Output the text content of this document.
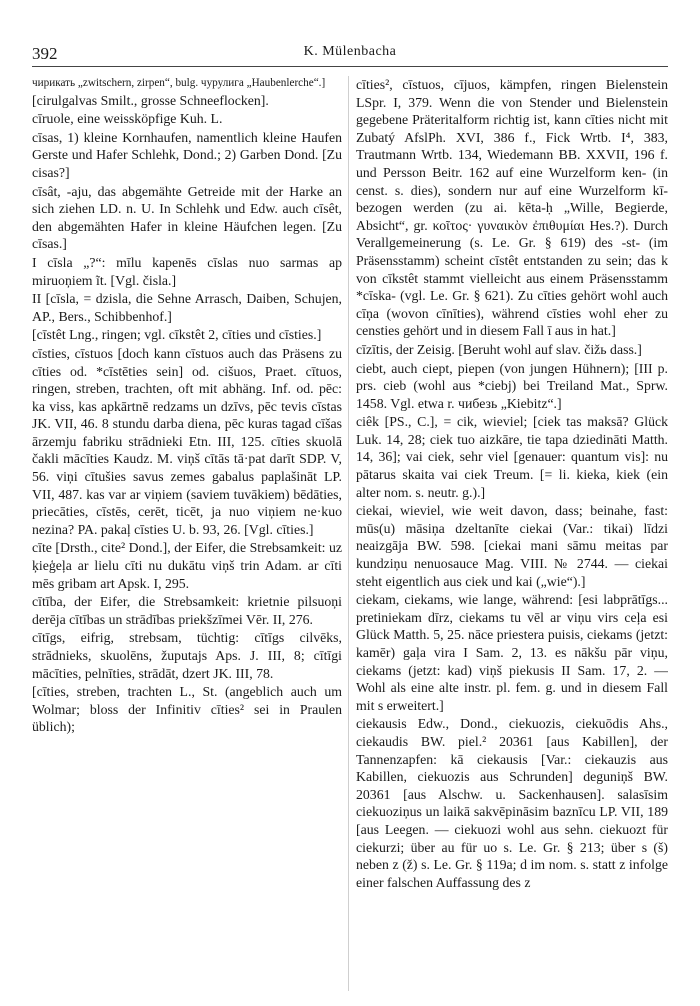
392	K. Mülenbacha

чирикать „zwitschern, zirpen“, bulg. чурулига „Haubenlerche“.]

[cirulgalvas Smilt., grosse Schneeflocken].

cīruole, eine weissköpfige Kuh. L.

cīsas, 1) kleine Kornhaufen, namentlich kleine Haufen Gerste und Hafer Schlehk, Dond.; 2) Garben Dond. [Zu cisas?]

cīsât, -aju, das abgemähte Getreide mit der Harke an sich ziehen LD. n. U. In Schlehk und Edw. auch cīsêt, den abgemähten Hafer in kleine Häufchen legen. [Zu cīsas.]

I cīsla „?“: mīlu kapenēs cīslas nuo sarmas ap miruoņiem ĩt. [Vgl. čisla.]

II [cīsla, = dzisla, die Sehne Arrasch, Daiben, Schujen, AP., Bers., Schibbenhof.]

[cīstêt Lng., ringen; vgl. cīkstêt 2, cīties und cīsties.]

cīsties, cīstuos [doch kann cīstuos auch das Präsens zu cīties od. *cīstēties sein] od. cišuos, Praet. cītuos, ringen, streben, trachten, oft mit abhäng. Inf. od. pēc: ka viss, kas apkārtnē redzams un dzīvs, pēc tevis cīstas JK. VII, 46. 8 stundu darba diena, pēc kuras tagad cīšas ārzemju fabriku strādnieki Etn. III, 125. cīties skuolā čakli mācīties Kaudz. M. viņš cītās tā·pat darīt SDP. V, 56. viņi cītušies savus zemes gabalus paplašināt LP. VII, 487. kas var ar viņiem (saviem tuvākiem) bēdāties, priecāties, cīstēs, cerēt, ticēt, ja nuo viņiem ne·kuo nezina? PA. pakaļ cīsties U. b. 93, 26. [Vgl. cīties.]

cīte [Drsth., cite² Dond.], der Eifer, die Strebsamkeit: uz ķieģeļa ar lielu cīti nu dukātu viņš trin Adam. ar cīti mēs gribam art Apsk. I, 295.

cītība, der Eifer, die Strebsamkeit: krietnie pilsuoņi derēja cītības un strādības priekšzīmei Vēr. II, 276.

cītīgs, eifrig, strebsam, tüchtig: cītīgs cilvēks, strādnieks, skuolēns, župutajs Aps. J. III, 8; cītīgi mācīties, pelnīties, strādāt, dzert JK. III, 78.

[cīties, streben, trachten L., St. (angeblich auch um Wolmar; bloss der Infinitiv cīties² sei in Praulen üblich);

cīties², cīstuos, cījuos, kämpfen, ringen Bielenstein LSpr. I, 379. Wenn die von Stender und Bielenstein gegebene Präteritalform richtig ist, kann cīties nicht mit Zubatý AfslPh. XVI, 386 f., Fick Wrtb. I⁴, 383, Trautmann Wrtb. 134, Wiedemann BB. XXVII, 196 f. und Persson Beitr. 162 auf eine Wurzelform ken- (in censt. s. dies), sondern nur auf eine Wurzelform kī- bezogen werden (zu ai. kēta-ḥ „Wille, Begierde, Absicht“, gr. κοῖτος· γυναικὸν ἐπιθυμίαι Hes.?). Durch Verallgemeinerung (s. Le. Gr. § 619) des -st- (im Präsensstamm) scheint cīstêt entstanden zu sein; das k von cīkstêt stammt vielleicht aus einem Präsensstamm *cīska- (vgl. Le. Gr. § 621). Zu cīties gehört wohl auch cīņa (wovon cīnīties), während cīsties wohl eher zu censties gehört und in diesem Fall ī aus in hat.]

cīzītis, der Zeisig. [Beruht wohl auf slav. čižь dass.]

ciebt, auch ciept, piepen (von jungen Hühnern); [III p. prs. cieb (wohl aus *ciebj) bei Treiland Mat., Sprw. 1458. Vgl. etwa r. чибезь „Kiebitz“.]

ciêk [PS., C.], = cik, wieviel; [ciek tas maksā? Glück Luk. 14, 28; ciek tuo aizkāre, tie tapa dziedināti Matth. 14, 36]; vai ciek, sehr viel [genauer: quantum vis]: nu pātarus skaita vai ciek Treum. [= li. kiekа, kiek (ein alter nom. s. neutr. g.).]

ciekai, wieviel, wie weit davon, dass; beinahe, fast: mūs(u) māsiņa dzeltanīte ciekai (Var.: tikai) līdzi neaizgāja BW. 598. [ciekai mani sāmu meitas par kundziņu nenuosauce Mag. VIII. № 2744. — ciekai steht eigentlich aus ciek und kai („wie“).]

ciekam, ciekams, wie lange, während: [esi labprātīgs... pretiniekam dīrz, ciekams tu vēl ar viņu virs ceļa esi Glück Matth. 5, 25. nāce priestera puisis, ciekams (jetzt: kamēr) gaļa vira I Sam. 2, 13. es nākšu pār viņu, ciekams (jetzt: kad) viņš piekusis II Sam. 17, 2. — Wohl als eine alte instr. pl. fem. g. und in diesem Fall mit s erweitert.]

ciekausis Edw., Dond., ciekuozis, ciekuōdis Ahs., ciekaudis BW. piel.² 20361 [aus Kabillen], der Tannenzapfen: kā ciekausis [Var.: ciekauzis aus Kabillen, ciekuozis aus Schrunden] deguniņš BW. 20361 [aus Alschw. u. Sackenhausen]. salasīsim ciekuoziņus un laikā sakvēpināsim baznīcu LP. VII, 189 [aus Leegen. — ciekuozi wohl aus sehn. ciekuozt für ciekurzi; über au für uo s. Le. Gr. § 213; über s (š) neben z (ž) s. Le. Gr. § 119a; d im nom. s. statt z infolge einer falschen Auffassung des z
